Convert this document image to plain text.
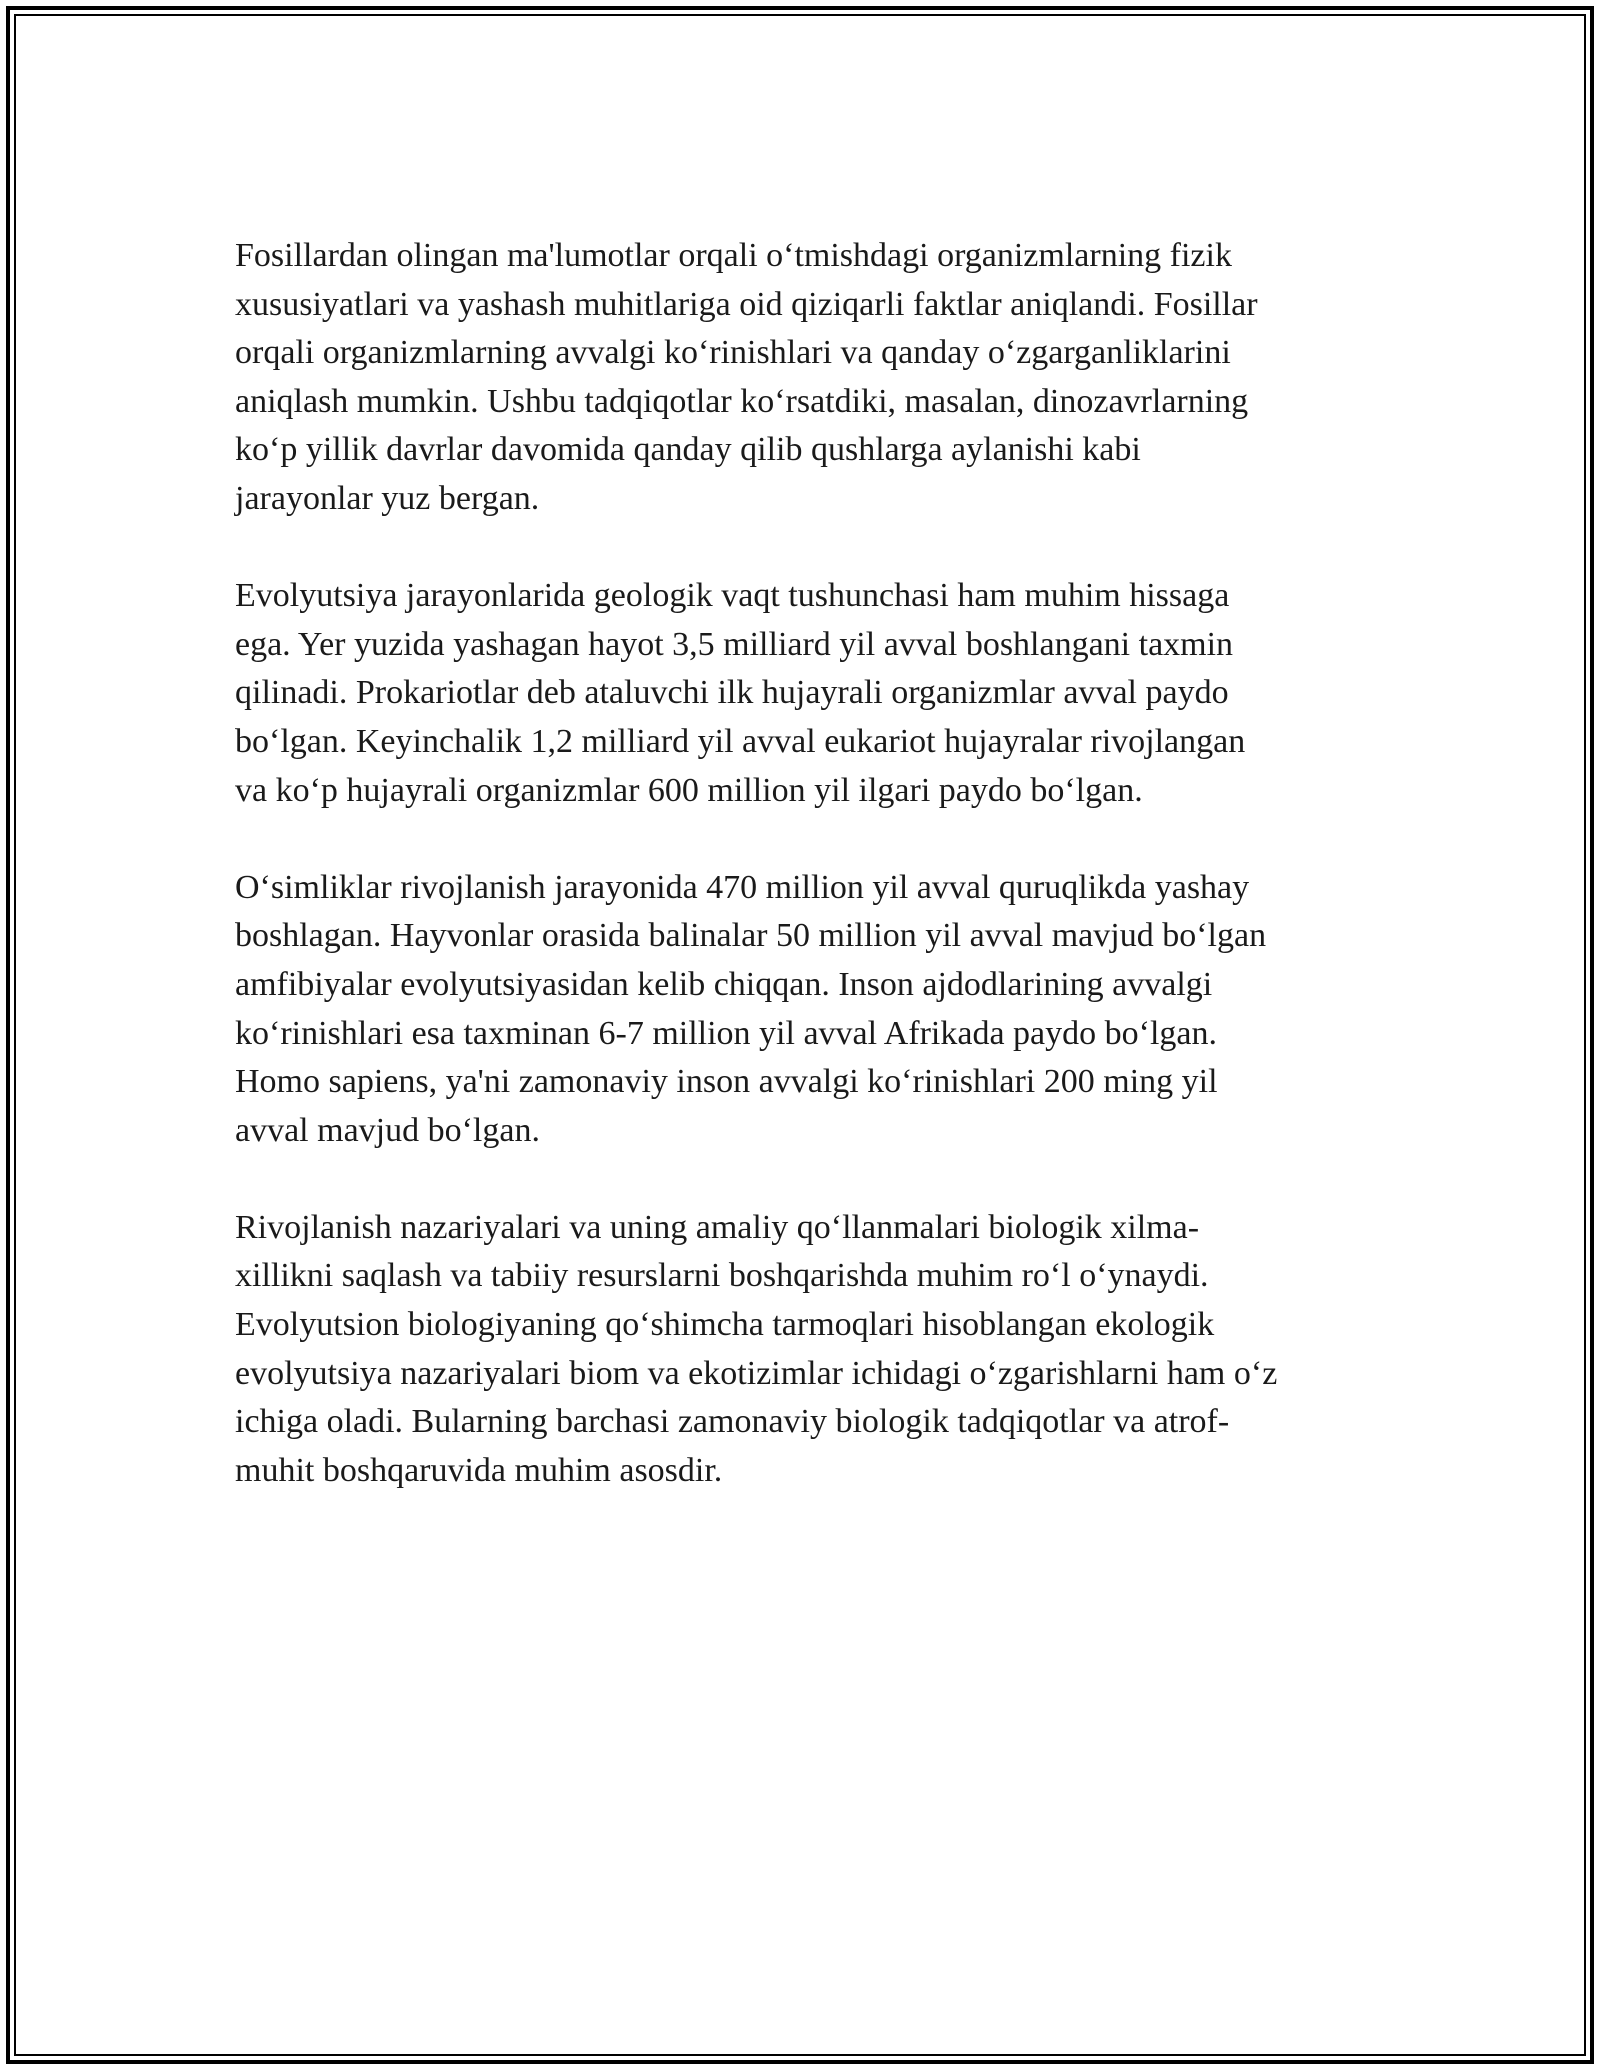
Fosillardan olingan ma'lumotlar orqali oʻtmishdagi organizmlarning fizik
xususiyatlari va yashash muhitlariga oid qiziqarli faktlar aniqlandi. Fosillar
orqali organizmlarning avvalgi koʻrinishlari va qanday oʻzgarganliklarini
aniqlash mumkin. Ushbu tadqiqotlar koʻrsatdiki, masalan, dinozavrlarning
koʻp yillik davrlar davomida qanday qilib qushlarga aylanishi kabi
jarayonlar yuz bergan.

Evolyutsiya jarayonlarida geologik vaqt tushunchasi ham muhim hissaga
ega. Yer yuzida yashagan hayot 3,5 milliard yil avval boshlangani taxmin
qilinadi. Prokariotlar deb ataluvchi ilk hujayrali organizmlar avval paydo
boʻlgan. Keyinchalik 1,2 milliard yil avval eukariot hujayralar rivojlangan
va koʻp hujayrali organizmlar 600 million yil ilgari paydo boʻlgan.

Oʻsimliklar rivojlanish jarayonida 470 million yil avval quruqlikda yashay
boshlagan. Hayvonlar orasida balinalar 50 million yil avval mavjud boʻlgan
amfibiyalar evolyutsiyasidan kelib chiqqan. Inson ajdodlarining avvalgi
koʻrinishlari esa taxminan 6-7 million yil avval Afrikada paydo boʻlgan.
Homo sapiens, ya'ni zamonaviy inson avvalgi koʻrinishlari 200 ming yil
avval mavjud boʻlgan.

Rivojlanish nazariyalari va uning amaliy qoʻllanmalari biologik xilma-
xillikni saqlash va tabiiy resurslarni boshqarishda muhim roʻl oʻynaydi.
Evolyutsion biologiyaning qoʻshimcha tarmoqlari hisoblangan ekologik
evolyutsiya nazariyalari biom va ekotizimlar ichidagi oʻzgarishlarni ham oʻz
ichiga oladi. Bularning barchasi zamonaviy biologik tadqiqotlar va atrof-
muhit boshqaruvida muhim asosdir.
